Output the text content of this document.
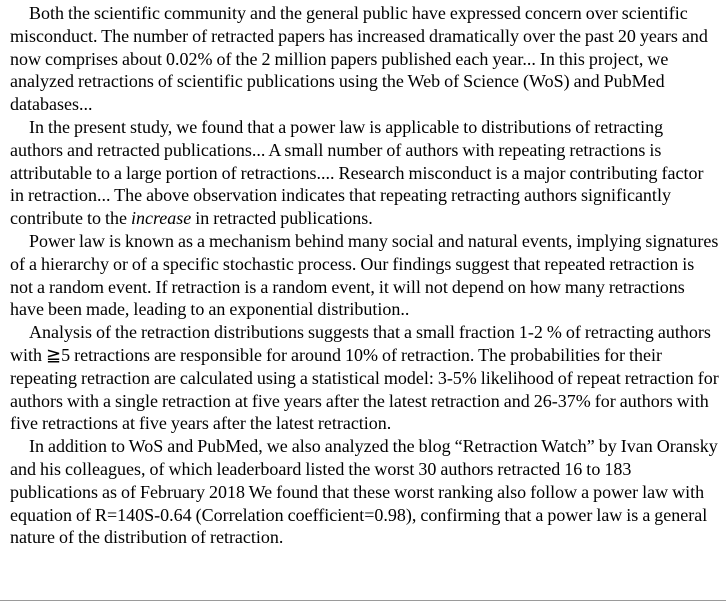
Both the scientific community and the general public have expressed concern over scientific misconduct. The number of retracted papers has increased dramatically over the past 20 years and now comprises about 0.02% of the 2 million papers published each year... In this project, we analyzed retractions of scientific publications using the Web of Science (WoS) and PubMed databases...

In the present study, we found that a power law is applicable to distributions of retracting authors and retracted publications... A small number of authors with repeating retractions is attributable to a large portion of retractions.... Research misconduct is a major contributing factor in retraction... The above observation indicates that repeating retracting authors significantly contribute to the increase in retracted publications.

Power law is known as a mechanism behind many social and natural events, implying signatures of a hierarchy or of a specific stochastic process. Our findings suggest that repeated retraction is not a random event. If retraction is a random event, it will not depend on how many retractions have been made, leading to an exponential distribution..

Analysis of the retraction distributions suggests that a small fraction 1-2 % of retracting authors with ≧5 retractions are responsible for around 10% of retraction. The probabilities for their repeating retraction are calculated using a statistical model: 3-5% likelihood of repeat retraction for authors with a single retraction at five years after the latest retraction and 26-37% for authors with five retractions at five years after the latest retraction.

In addition to WoS and PubMed, we also analyzed the blog “Retraction Watch” by Ivan Oransky and his colleagues, of which leaderboard listed the worst 30 authors retracted 16 to 183 publications as of February 2018 We found that these worst ranking also follow a power law with equation of R=140S-0.64 (Correlation coefficient=0.98), confirming that a power law is a general nature of the distribution of retraction.
